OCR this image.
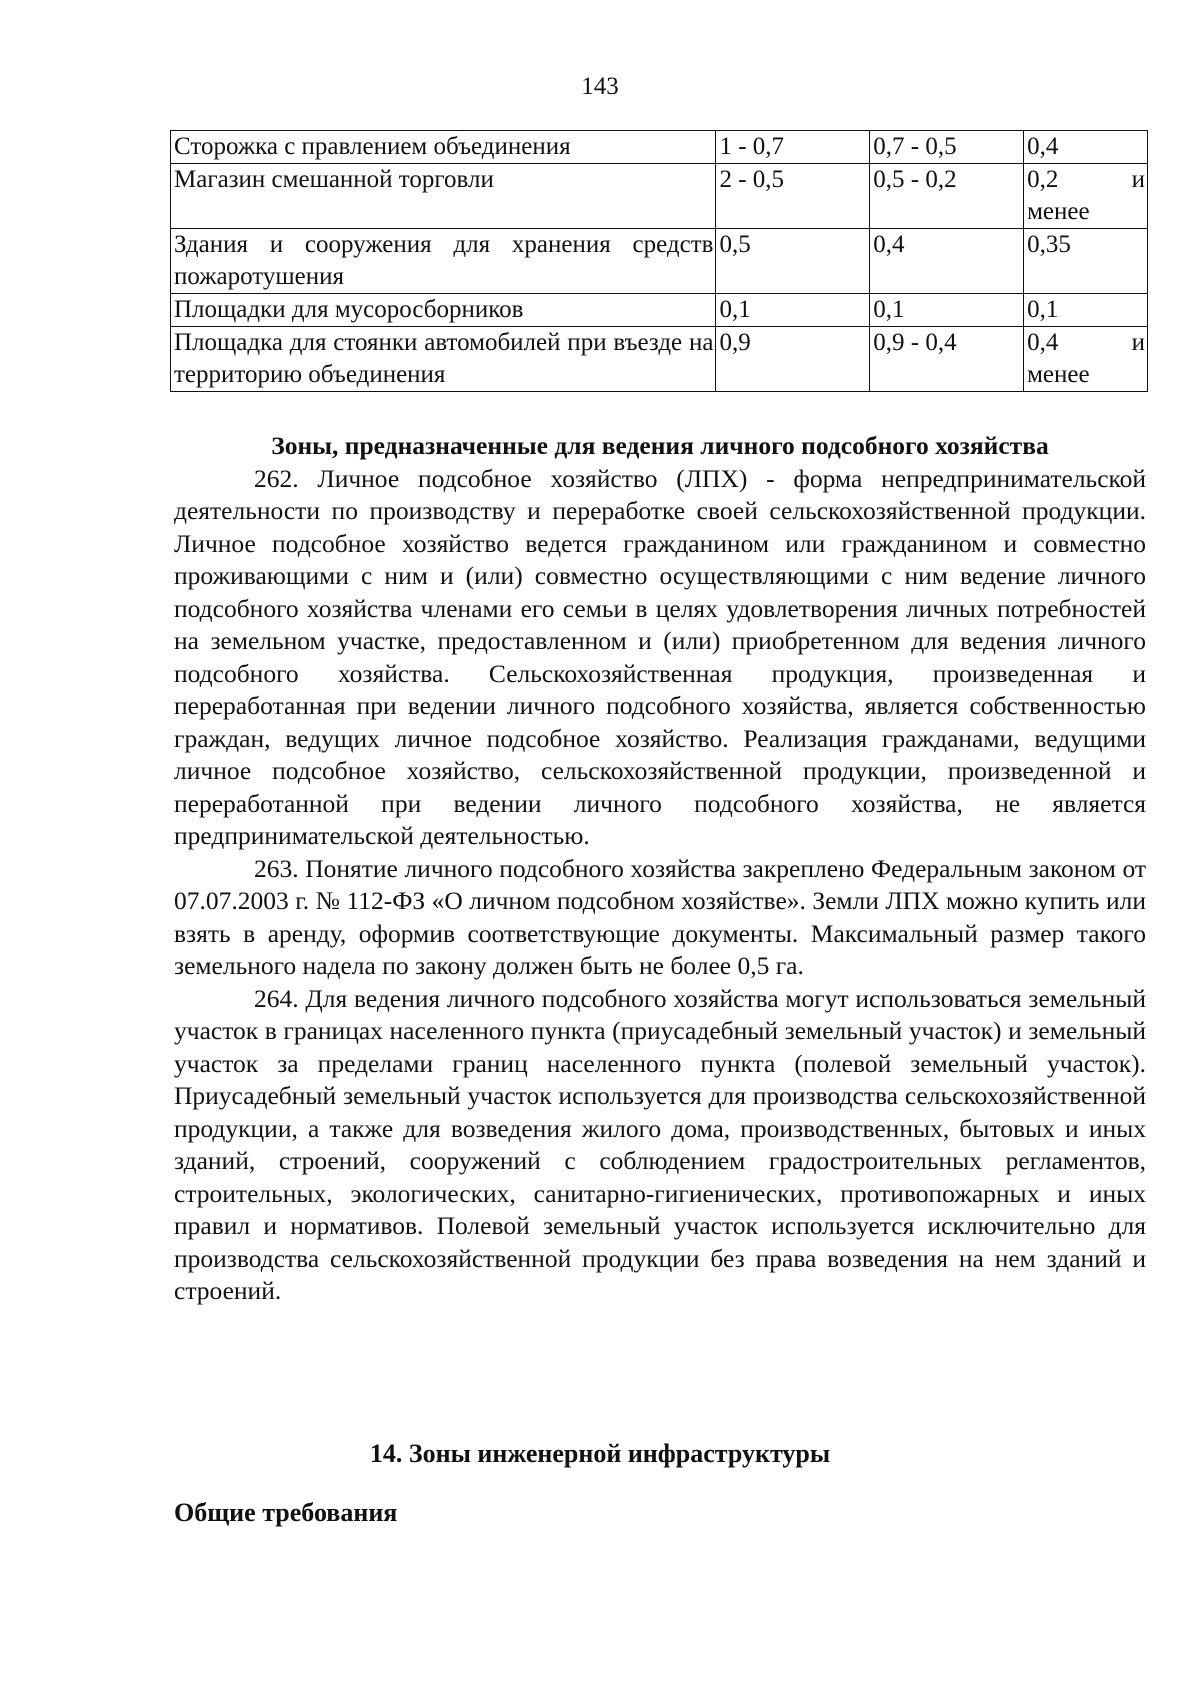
143
Сторожка с правлением объединения	1 - 0,7	0,7 - 0,5	0,4

Магазин смешанной торговли	2 - 0,5	0,5 - 0,2	0,2 и
менее

Здания и сооружения для хранения средств пожаротушения	0,5	0,4	0,35

Площадки для мусоросборников	0,1	0,1	0,1

Площадка для стоянки автомобилей при въезде на территорию объединения	0,9	0,9 - 0,4	0,4 и
менее

Зоны, предназначенные для ведения личного подсобного хозяйства

262. Личное подсобное хозяйство (ЛПХ) - форма непредпринимательской деятельности по производству и переработке своей сельскохозяйственной продукции. Личное подсобное хозяйство ведется гражданином или гражданином и совместно проживающими с ним и (или) совместно осуществляющими с ним ведение личного подсобного хозяйства членами его семьи в целях удовлетворения личных потребностей на земельном участке, предоставленном и (или) приобретенном для ведения личного подсобного хозяйства. Сельскохозяйственная продукция, произведенная и переработанная при ведении личного подсобного хозяйства, является собственностью граждан, ведущих личное подсобное хозяйство. Реализация гражданами, ведущими личное подсобное хозяйство, сельскохозяйственной продукции, произведенной и переработанной при ведении личного подсобного хозяйства, не является предпринимательской деятельностью.

263. Понятие личного подсобного хозяйства закреплено Федеральным законом от 07.07.2003 г. № 112-ФЗ «О личном подсобном хозяйстве». Земли ЛПХ можно купить или взять в аренду, оформив соответствующие документы. Максимальный размер такого земельного надела по закону должен быть не более 0,5 га.

264. Для ведения личного подсобного хозяйства могут использоваться земельный участок в границах населенного пункта (приусадебный земельный участок) и земельный участок за пределами границ населенного пункта (полевой земельный участок). Приусадебный земельный участок используется для производства сельскохозяйственной продукции, а также для возведения жилого дома, производственных, бытовых и иных зданий, строений, сооружений с соблюдением градостроительных регламентов, строительных, экологических, санитарно-гигиенических, противопожарных и иных правил и нормативов. Полевой земельный участок используется исключительно для производства сельскохозяйственной продукции без права возведения на нем зданий и строений.

14. Зоны инженерной инфраструктуры
Общие требования
